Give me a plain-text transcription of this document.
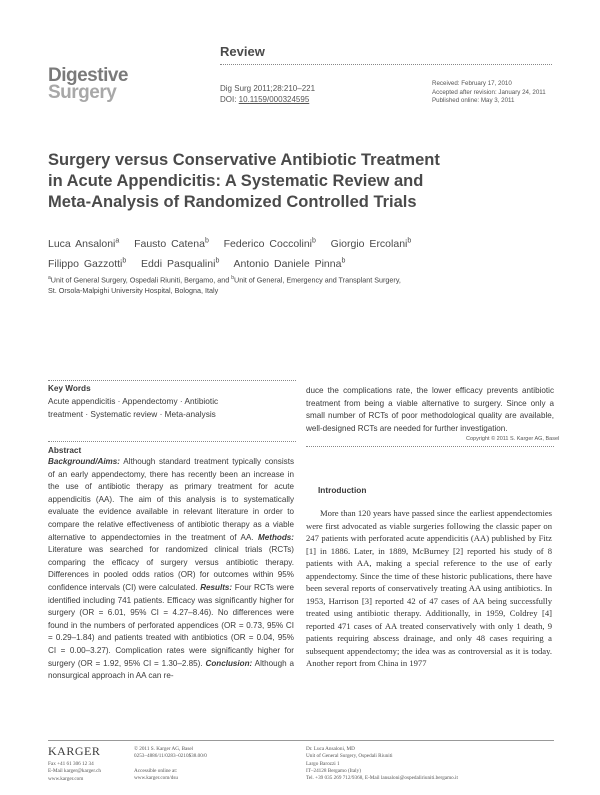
Review
Digestive
Surgery	Dig Surg 2011;28:210–221
DOI: 10.1159/000324595
Received: February 17, 2010
Accepted after revision: January 24, 2011
Published online: May 3, 2011
Surgery versus Conservative Antibiotic Treatment
in Acute Appendicitis: A Systematic Review and
Meta-Analysis of Randomized Controlled Trials
Luca Ansaloni$^a$ Fausto Catena$^b$ Federico Coccolini$^b$ Giorgio Ercolani$^b$
Filippo Gazzotti$^b$ Eddi Pasqualini$^b$ Antonio Daniele Pinna$^b$
$^a$Unit of General Surgery, Ospedali Riuniti, Bergamo, and $^b$Unit of General, Emergency and Transplant Surgery,
St. Orsola-Malpighi University Hospital, Bologna, Italy
Key Words
Acute appendicitis · Appendectomy · Antibiotic
treatment · Systematic review · Meta-analysis
Abstract
Background/Aims: Although standard treatment typically consists of an early appendectomy, there has recently been an increase in the use of antibiotic therapy as primary treatment for acute appendicitis (AA). The aim of this analysis is to systematically evaluate the evidence available in relevant literature in order to compare the relative effectiveness of antibiotic therapy as a viable alternative to appendectomies in the treatment of AA. Methods: Literature was searched for randomized clinical trials (RCTs) comparing the efficacy of surgery versus antibiotic therapy. Differences in pooled odds ratios (OR) for outcomes within 95% confidence intervals (CI) were calculated. Results: Four RCTs were identified including 741 patients. Efficacy was significantly higher for surgery (OR = 6.01, 95% CI = 4.27–8.46). No differences were found in the numbers of perforated appendices (OR = 0.73, 95% CI = 0.29–1.84) and patients treated with antibiotics (OR = 0.04, 95% CI = 0.00–3.27). Complication rates were significantly higher for surgery (OR = 1.92, 95% CI = 1.30–2.85). Conclusion: Although a nonsurgical approach in AA can re-
duce the complications rate, the lower efficacy prevents antibiotic treatment from being a viable alternative to surgery. Since only a small number of RCTs of poor methodological quality are available, well-designed RCTs are needed for further investigation.
Copyright © 2011 S. Karger AG, Basel
Introduction
More than 120 years have passed since the earliest appendectomies were first advocated as viable surgeries following the classic paper on 247 patients with perforated acute appendicitis (AA) published by Fitz [1] in 1886. Later, in 1889, McBurney [2] reported his study of 8 patients with AA, making a special reference to the use of early appendectomy. Since the time of these historic publications, there have been several reports of conservatively treating AA using antibiotics. In 1953, Harrison [3] reported 42 of 47 cases of AA being successfully treated using antibiotic therapy. Additionally, in 1959, Coldrey [4] reported 471 cases of AA treated conservatively with only 1 death, 9 patients requiring abscess drainage, and only 48 cases requiring a subsequent appendectomy; the idea was as controversial as it is today. Another report from China in 1977
KARGER
Fax +41 61 306 12 34
E-Mail karger@karger.ch
www.karger.com
© 2011 S. Karger AG, Basel
0253–4886/11/0283–0210$38.00/0
Accessible online at:
www.karger.com/dsu
Dr. Luca Ansaloni, MD
Unit of General Surgery, Ospedali Riuniti
Largo Barozzi 1
IT–24128 Bergamo (Italy)
Tel. +39 035 269 712/9368, E-Mail lansaloni@ospedaliriuniti.bergamo.it
